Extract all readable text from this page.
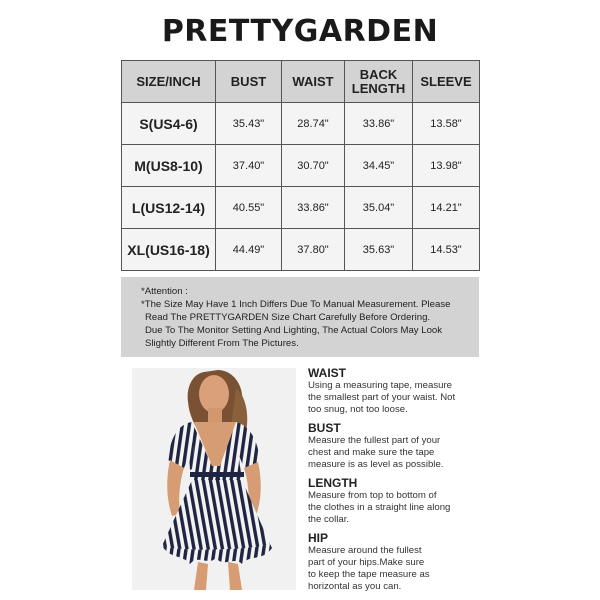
PRETTYGARDEN
SIZE/INCH	BUST	WAIST	BACK LENGTH	SLEEVE
S(US4-6)	35.43"	28.74"	33.86"	13.58"
M(US8-10)	37.40"	30.70"	34.45"	13.98"
L(US12-14)	40.55"	33.86"	35.04"	14.21"
XL(US16-18)	44.49"	37.80"	35.63"	14.53"
*Attention :
*The Size May Have 1 Inch Differs Due To Manual Measurement. Please
Read The PRETTYGARDEN Size Chart Carefully Before Ordering.
Due To The Monitor Setting And Lighting, The Actual Colors May Look
Slightly Different From The Pictures.
WAIST
Using a measuring tape, measure
the smallest part of your waist. Not
too snug, not too loose.
BUST
Measure the fullest part of your
chest and make sure the tape
measure is as level as possible.
LENGTH
Measure from top to bottom of
the clothes in a straight line along
the collar.
HIP
Measure around the fullest
part of your hips.Make sure
to keep the tape measure as
horizontal as you can.
